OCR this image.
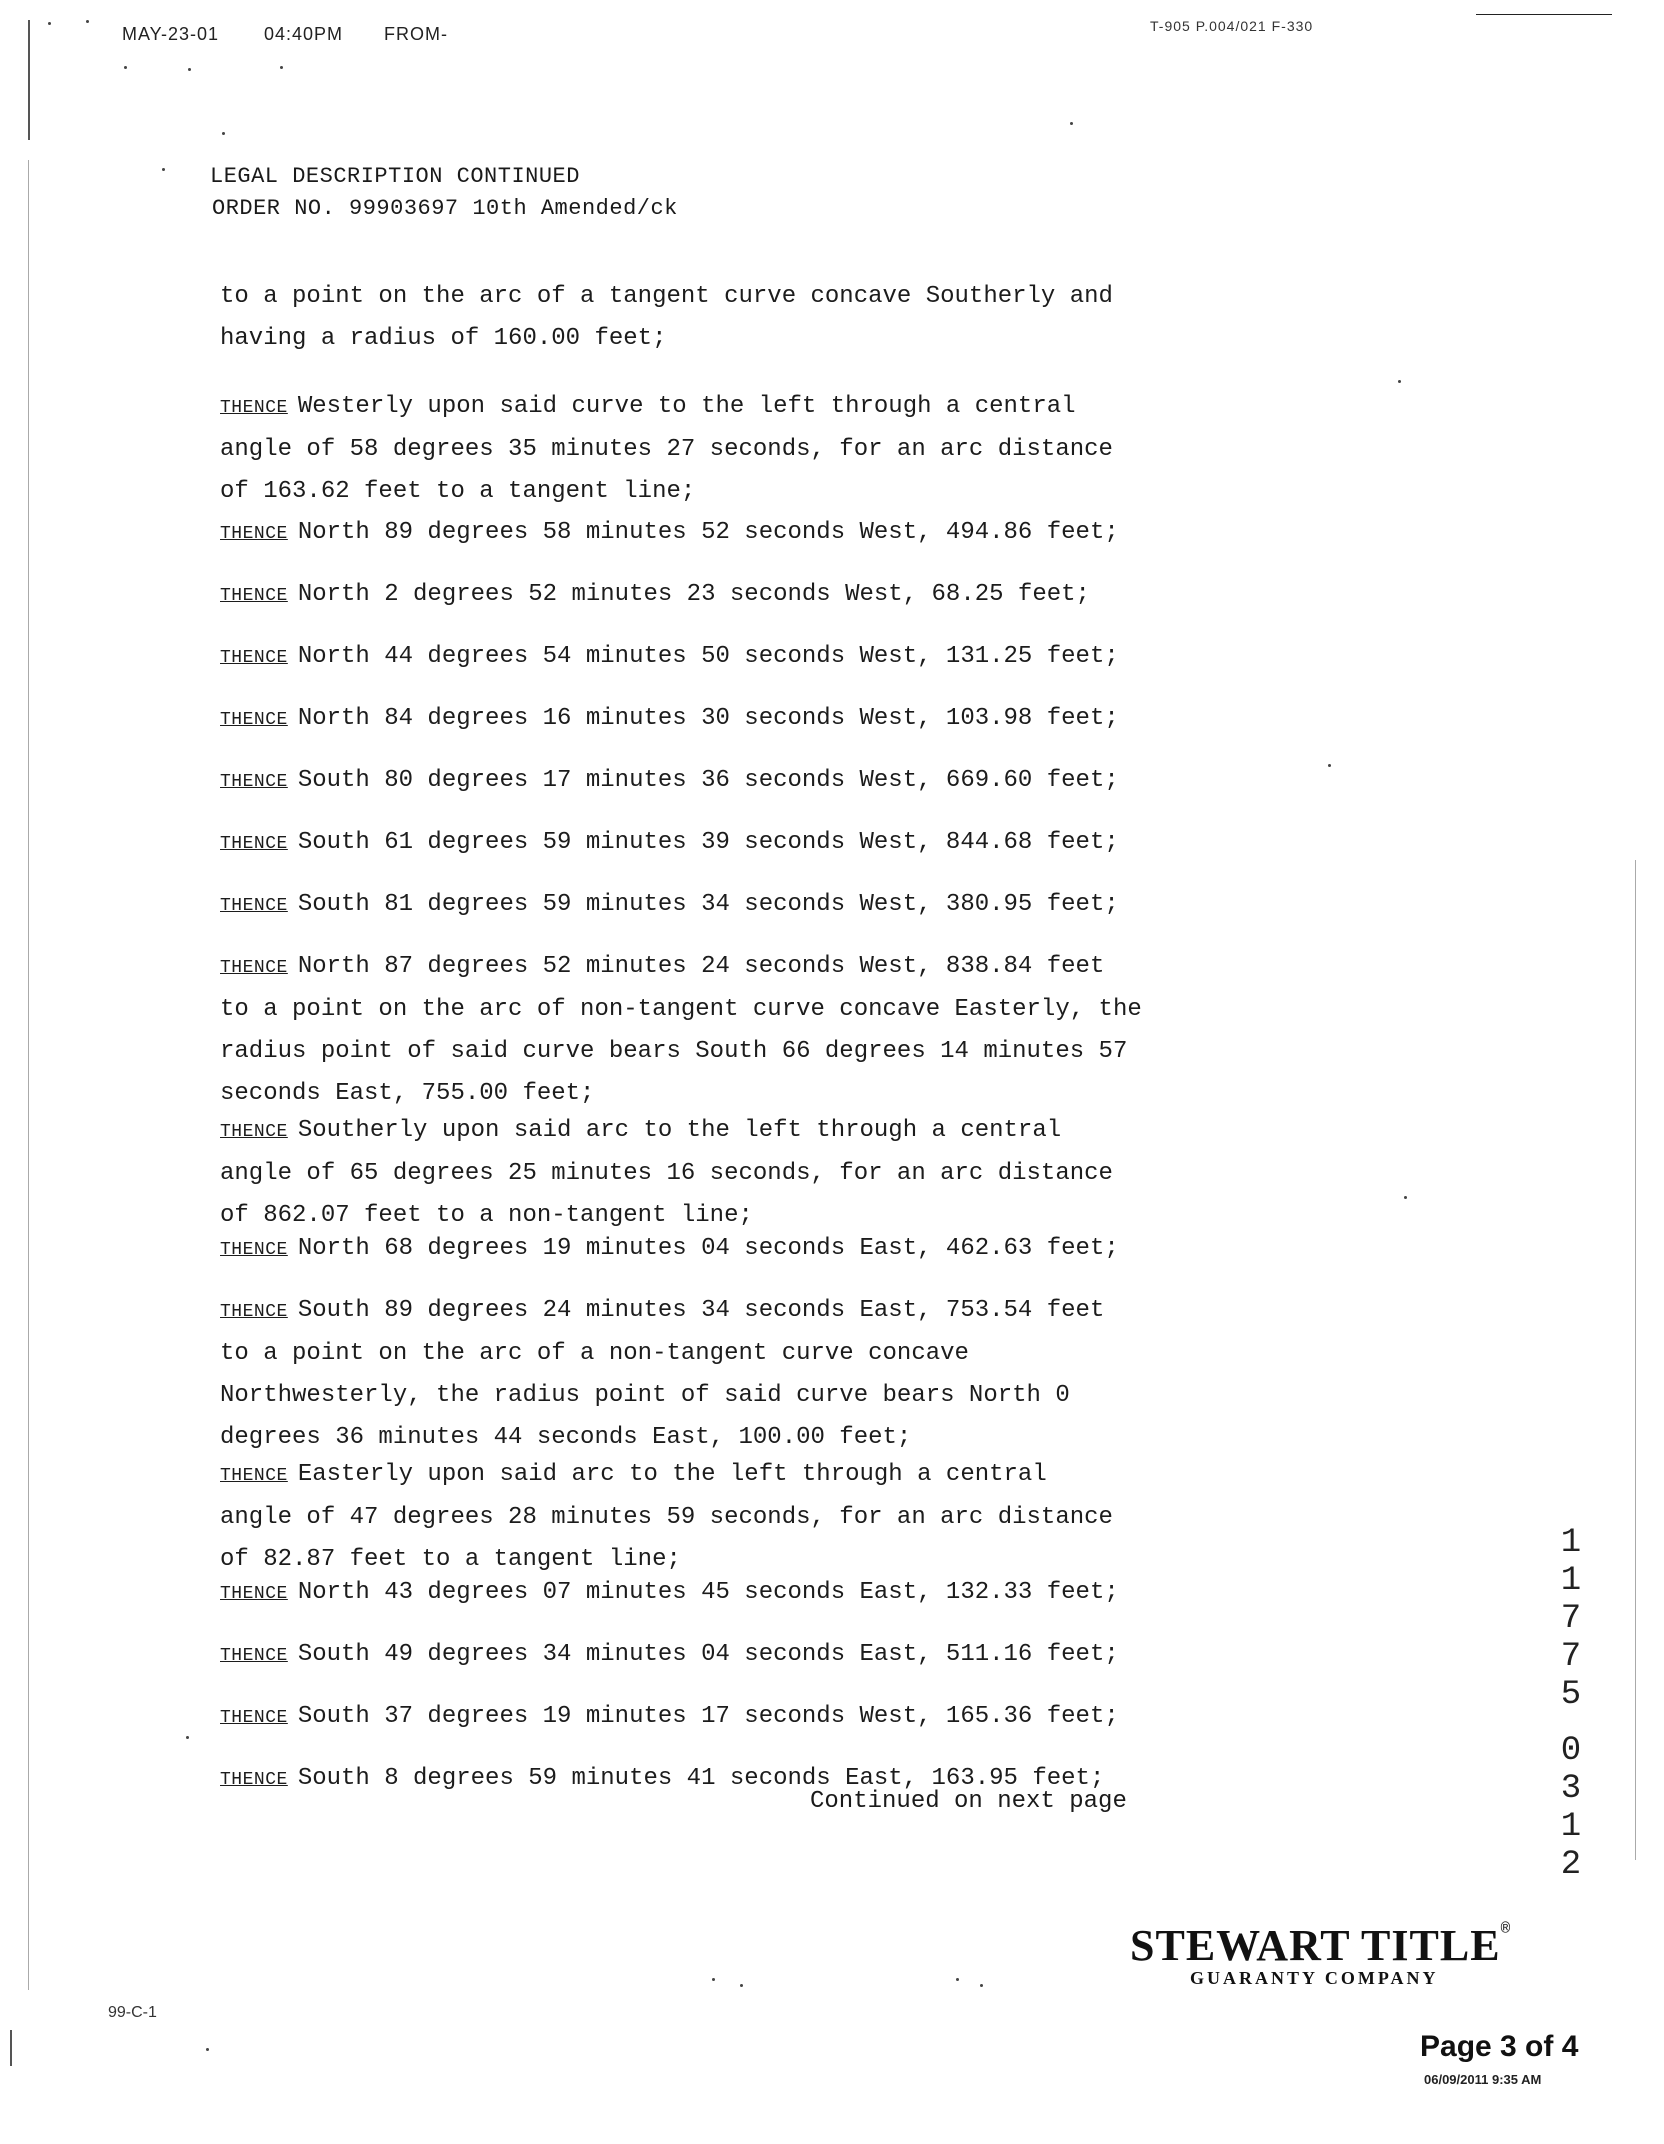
MAY-23-01 04:40PM FROM-	T-905 P.004/021 F-330
LEGAL DESCRIPTION CONTINUED
ORDER NO. 99903697 10th Amended/ck
to a point on the arc of a tangent curve concave Southerly and
having a radius of 160.00 feet;
THENCE Westerly upon said curve to the left through a central
angle of 58 degrees 35 minutes 27 seconds, for an arc distance
of 163.62 feet to a tangent line;
THENCE North 89 degrees 58 minutes 52 seconds West, 494.86 feet;
THENCE North 2 degrees 52 minutes 23 seconds West, 68.25 feet;
THENCE North 44 degrees 54 minutes 50 seconds West, 131.25 feet;
THENCE North 84 degrees 16 minutes 30 seconds West, 103.98 feet;
THENCE South 80 degrees 17 minutes 36 seconds West, 669.60 feet;
THENCE South 61 degrees 59 minutes 39 seconds West, 844.68 feet;
THENCE South 81 degrees 59 minutes 34 seconds West, 380.95 feet;
THENCE North 87 degrees 52 minutes 24 seconds West, 838.84 feet
to a point on the arc of non-tangent curve concave Easterly, the
radius point of said curve bears South 66 degrees 14 minutes 57
seconds East, 755.00 feet;
THENCE Southerly upon said arc to the left through a central
angle of 65 degrees 25 minutes 16 seconds, for an arc distance
of 862.07 feet to a non-tangent line;
THENCE North 68 degrees 19 minutes 04 seconds East, 462.63 feet;
THENCE South 89 degrees 24 minutes 34 seconds East, 753.54 feet
to a point on the arc of a non-tangent curve concave
Northwesterly, the radius point of said curve bears North 0
degrees 36 minutes 44 seconds East, 100.00 feet;
THENCE Easterly upon said arc to the left through a central
angle of 47 degrees 28 minutes 59 seconds, for an arc distance
of 82.87 feet to a tangent line;
THENCE North 43 degrees 07 minutes 45 seconds East, 132.33 feet;
THENCE South 49 degrees 34 minutes 04 seconds East, 511.16 feet;
THENCE South 37 degrees 19 minutes 17 seconds West, 165.36 feet;
THENCE South 8 degrees 59 minutes 41 seconds East, 163.95 feet;
Continued on next page
1
1
7
7
5
0
3
1
2
STEWART TITLE®
GUARANTY COMPANY
99-C-1
Page 3 of 4
06/09/2011 9:35 AM
